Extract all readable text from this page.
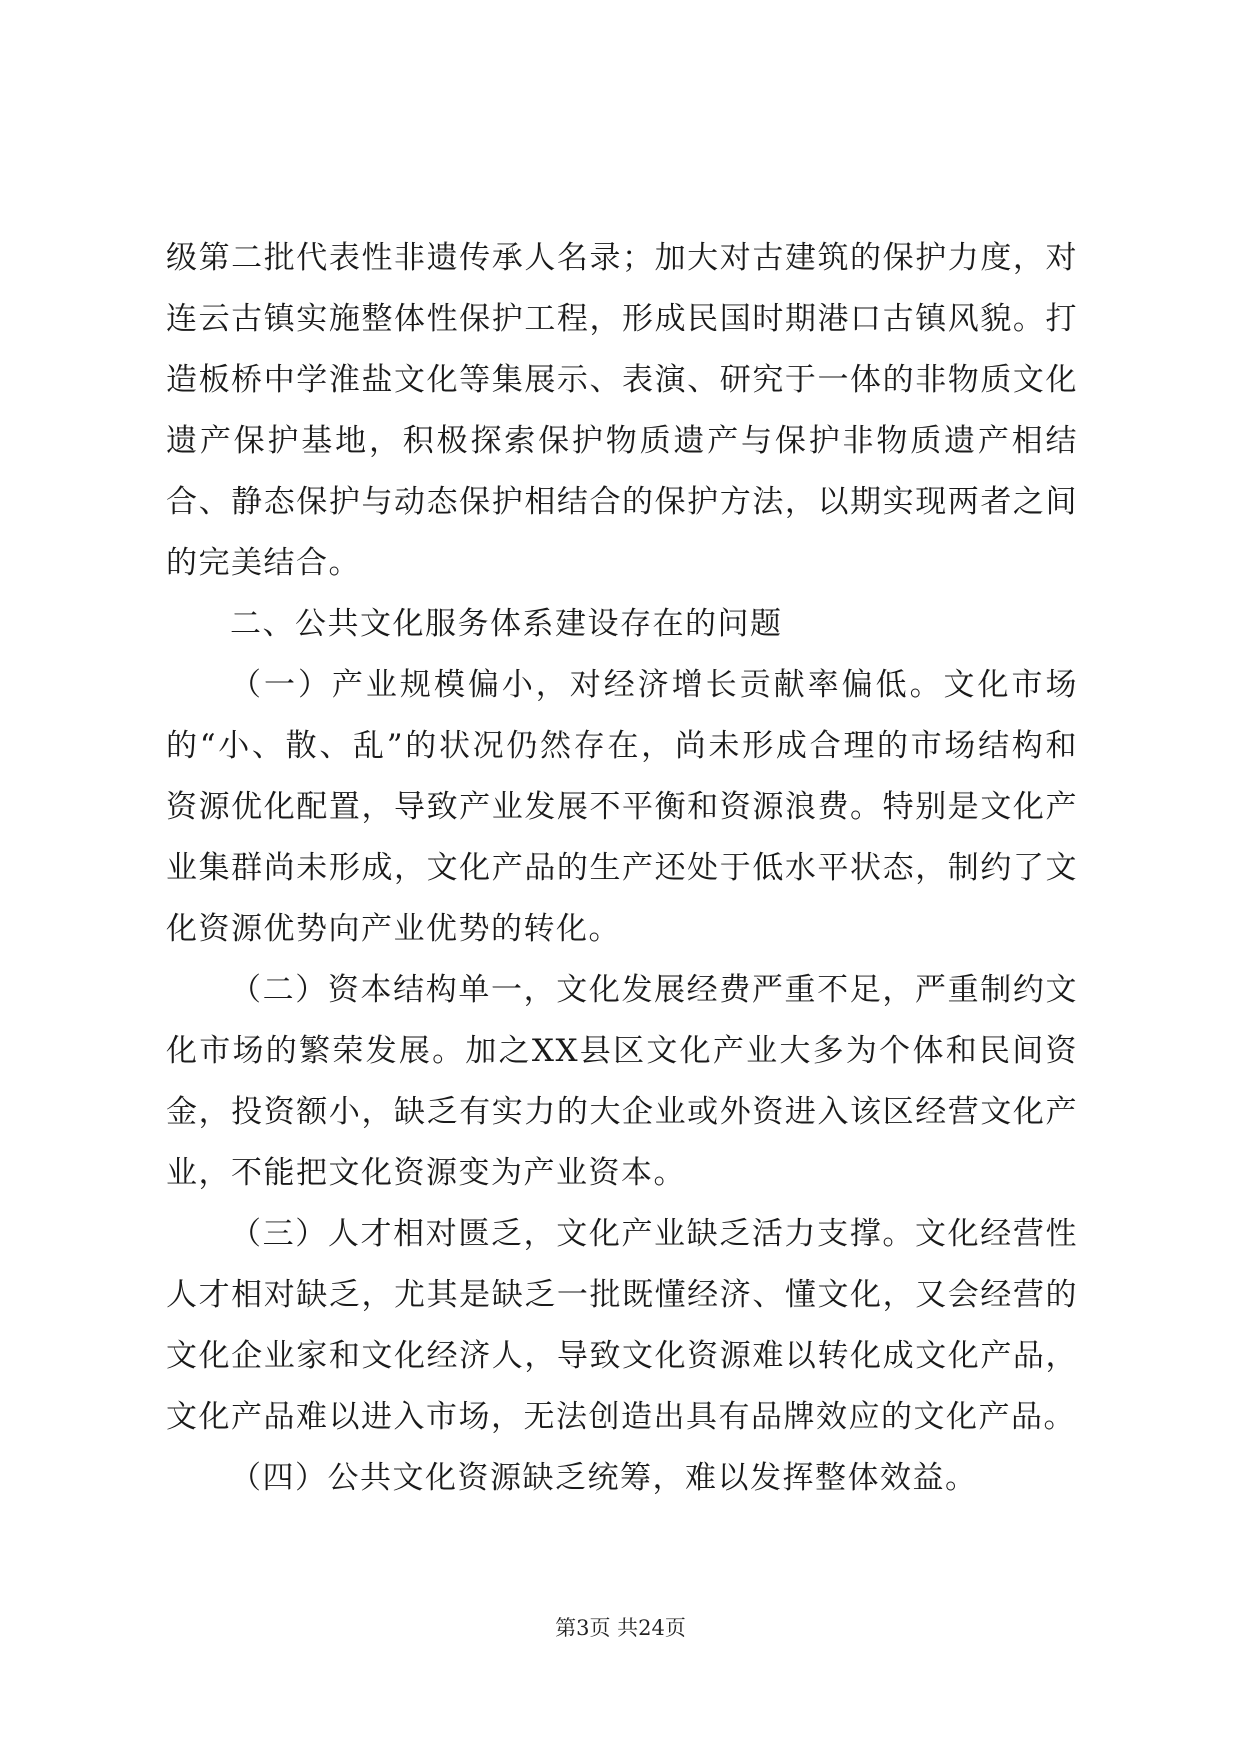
级第二批代表性非遗传承人名录；加大对古建筑的保护力度，对连云古镇实施整体性保护工程，形成民国时期港口古镇风貌。打造板桥中学淮盐文化等集展示、表演、研究于一体的非物质文化遗产保护基地，积极探索保护物质遗产与保护非物质遗产相结合、静态保护与动态保护相结合的保护方法，以期实现两者之间的完美结合。

二、公共文化服务体系建设存在的问题

（一）产业规模偏小，对经济增长贡献率偏低。文化市场的“小、散、乱”的状况仍然存在，尚未形成合理的市场结构和资源优化配置，导致产业发展不平衡和资源浪费。特别是文化产业集群尚未形成，文化产品的生产还处于低水平状态，制约了文化资源优势向产业优势的转化。

（二）资本结构单一，文化发展经费严重不足，严重制约文化市场的繁荣发展。加之XX县区文化产业大多为个体和民间资金，投资额小，缺乏有实力的大企业或外资进入该区经营文化产业，不能把文化资源变为产业资本。

（三）人才相对匮乏，文化产业缺乏活力支撑。文化经营性人才相对缺乏，尤其是缺乏一批既懂经济、懂文化，又会经营的文化企业家和文化经济人，导致文化资源难以转化成文化产品，文化产品难以进入市场，无法创造出具有品牌效应的文化产品。

（四）公共文化资源缺乏统筹，难以发挥整体效益。

第3页 共24页
